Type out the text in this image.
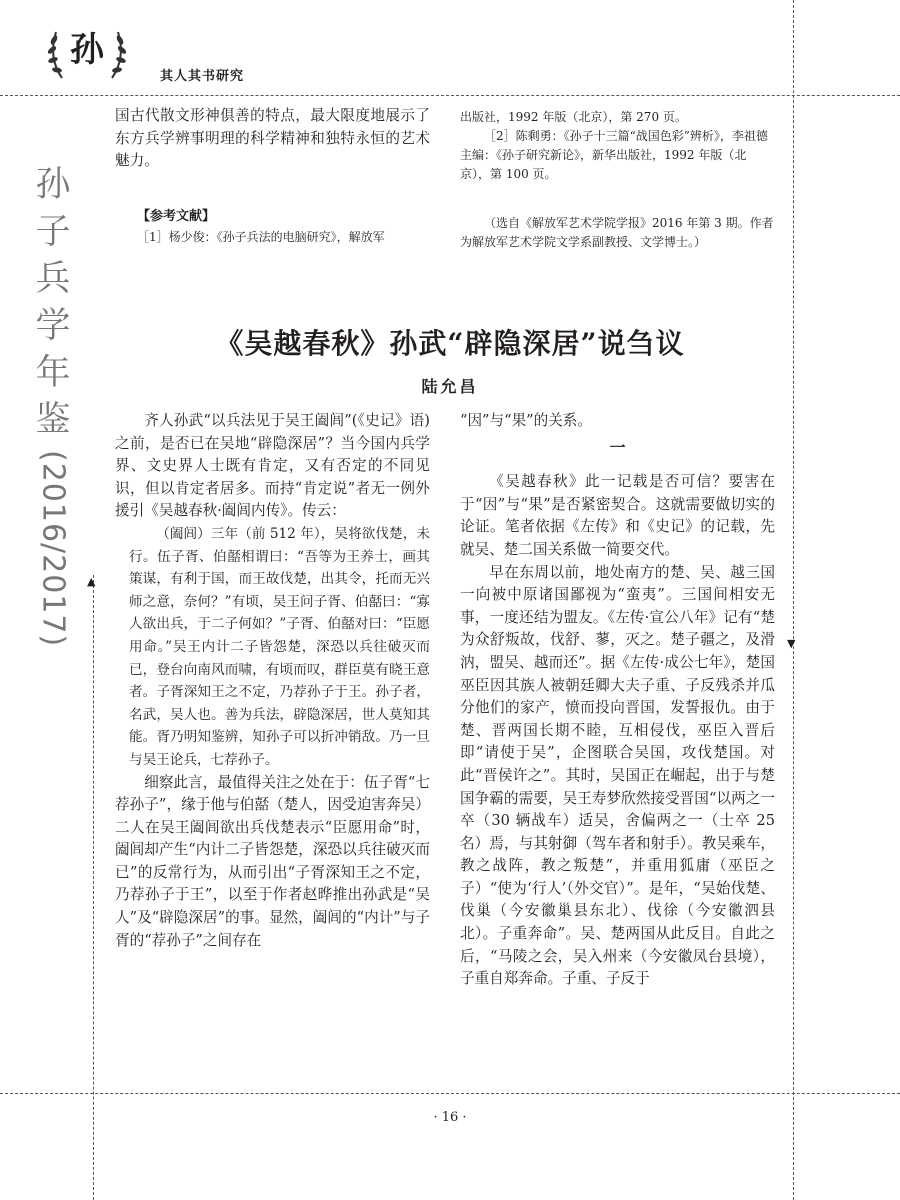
▲
▼
孙
其人其书研究
孙
子
兵
学
年
鉴
(2016/2017)

国古代散文形神俱善的特点，最大限度地展示了东方兵学辨事明理的科学精神和独特永恒的艺术魅力。

【参考文献】

［1］杨少俊：《孙子兵法的电脑研究》，解放军

出版社，1992 年版（北京），第 270 页。

［2］陈剩勇：《孙子十三篇“战国色彩”辨析》，李祖德主编：《孙子研究新论》，新华出版社，1992 年版（北京），第 100 页。

（选自《解放军艺术学院学报》2016 年第 3 期。作者为解放军艺术学院文学系副教授、文学博士。）
《吴越春秋》孙武“辟隐深居”说刍议
陆允昌

齐人孙武“以兵法见于吴王阖闾”(《史记》语)之前，是否已在吴地“辟隐深居”？当今国内兵学界、文史界人士既有肯定，又有否定的不同见识，但以肯定者居多。而持“肯定说”者无一例外援引《吴越春秋·阖闾内传》。传云：

（阖闾）三年（前 512 年），吴将欲伐楚，未行。伍子胥、伯嚭相谓曰：“吾等为王养士，画其策谋，有利于国，而王故伐楚，出其令，托而无兴师之意，奈何？”有顷，吴王问子胥、伯嚭曰：“寡人欲出兵，于二子何如？”子胥、伯嚭对曰：“臣愿用命。”吴王内计二子皆怨楚，深恐以兵往破灭而已，登台向南风而啸，有顷而叹，群臣莫有晓王意者。子胥深知王之不定，乃荐孙子于王。孙子者，名武，吴人也。善为兵法，辟隐深居，世人莫知其能。胥乃明知鉴辨，知孙子可以折冲销敌。乃一旦与吴王论兵，七荐孙子。

细察此言，最值得关注之处在于：伍子胥“七荐孙子”，缘于他与伯嚭（楚人，因受迫害奔吴）二人在吴王阖闾欲出兵伐楚表示“臣愿用命”时，阖闾却产生“内计二子皆怨楚，深恐以兵往破灭而已”的反常行为，从而引出“子胥深知王之不定，乃荐孙子于王”，以至于作者赵晔推出孙武是“吴人”及“辟隐深居”的事。显然，阖闾的“内计”与子胥的“荐孙子”之间存在

“因”与“果”的关系。

一

《吴越春秋》此一记载是否可信？要害在于“因”与“果”是否紧密契合。这就需要做切实的论证。笔者依据《左传》和《史记》的记载，先就吴、楚二国关系做一简要交代。

早在东周以前，地处南方的楚、吴、越三国一向被中原诸国鄙视为“蛮夷”。三国间相安无事，一度还结为盟友。《左传·宣公八年》记有“楚为众舒叛故，伐舒、蓼，灭之。楚子疆之，及滑汭，盟吴、越而还”。据《左传·成公七年》，楚国巫臣因其族人被朝廷卿大夫子重、子反残杀并瓜分他们的家产，愤而投向晋国，发誓报仇。由于楚、晋两国长期不睦，互相侵伐，巫臣入晋后即“请使于吴”，企图联合吴国，攻伐楚国。对此“晋侯许之”。其时，吴国正在崛起，出于与楚国争霸的需要，吴王寿梦欣然接受晋国“以两之一卒（30 辆战车）适吴，舍偏两之一（士卒 25 名）焉，与其射御（驾车者和射手）。教吴乘车，教之战阵，教之叛楚”，并重用狐庸（巫臣之子）“使为‘行人’（外交官）”。是年，“吴始伐楚、伐巢（今安徽巢县东北）、伐徐（今安徽泗县北）。子重奔命”。吴、楚两国从此反目。自此之后，“马陵之会，吴入州来（今安徽凤台县境），子重自郑奔命。子重、子反于

· 16 ·
